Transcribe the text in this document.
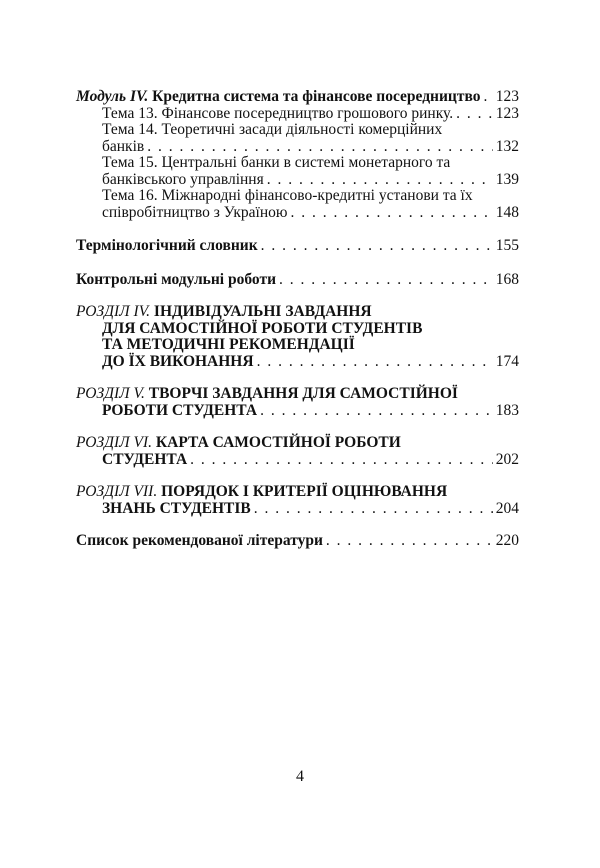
Модуль IV. Кредитна система та фінансове посередництво . . . 123
Тема 13. Фінансове посередництво грошового ринку. . . .	123
Тема 14. Теоретичні засади діяльності комерційних
банків . . .	132
Тема 15. Центральні банки в системі монетарного та
банківського управління . . .	139
Тема 16. Міжнародні фінансово-кредитні установи та їх
співробітництво з Україною . . .	148
Термінологічний словник . . .	155
Контрольні модульні роботи . . .	168
РОЗДІЛ IV. ІНДИВІДУАЛЬНІ ЗАВДАННЯ
ДЛЯ САМОСТІЙНОЇ РОБОТИ СТУДЕНТІВ
ТА МЕТОДИЧНІ РЕКОМЕНДАЦІЇ
ДО ЇХ ВИКОНАННЯ . . .	174
РОЗДІЛ V. ТВОРЧІ ЗАВДАННЯ ДЛЯ САМОСТІЙНОЇ
РОБОТИ СТУДЕНТА . . .	183
РОЗДІЛ VI. КАРТА САМОСТІЙНОЇ РОБОТИ
СТУДЕНТА . . .	202
РОЗДІЛ VII. ПОРЯДОК І КРИТЕРІЇ ОЦІНЮВАННЯ
ЗНАНЬ СТУДЕНТІВ . . .	204
Список рекомендованої літератури . . .	220
4
